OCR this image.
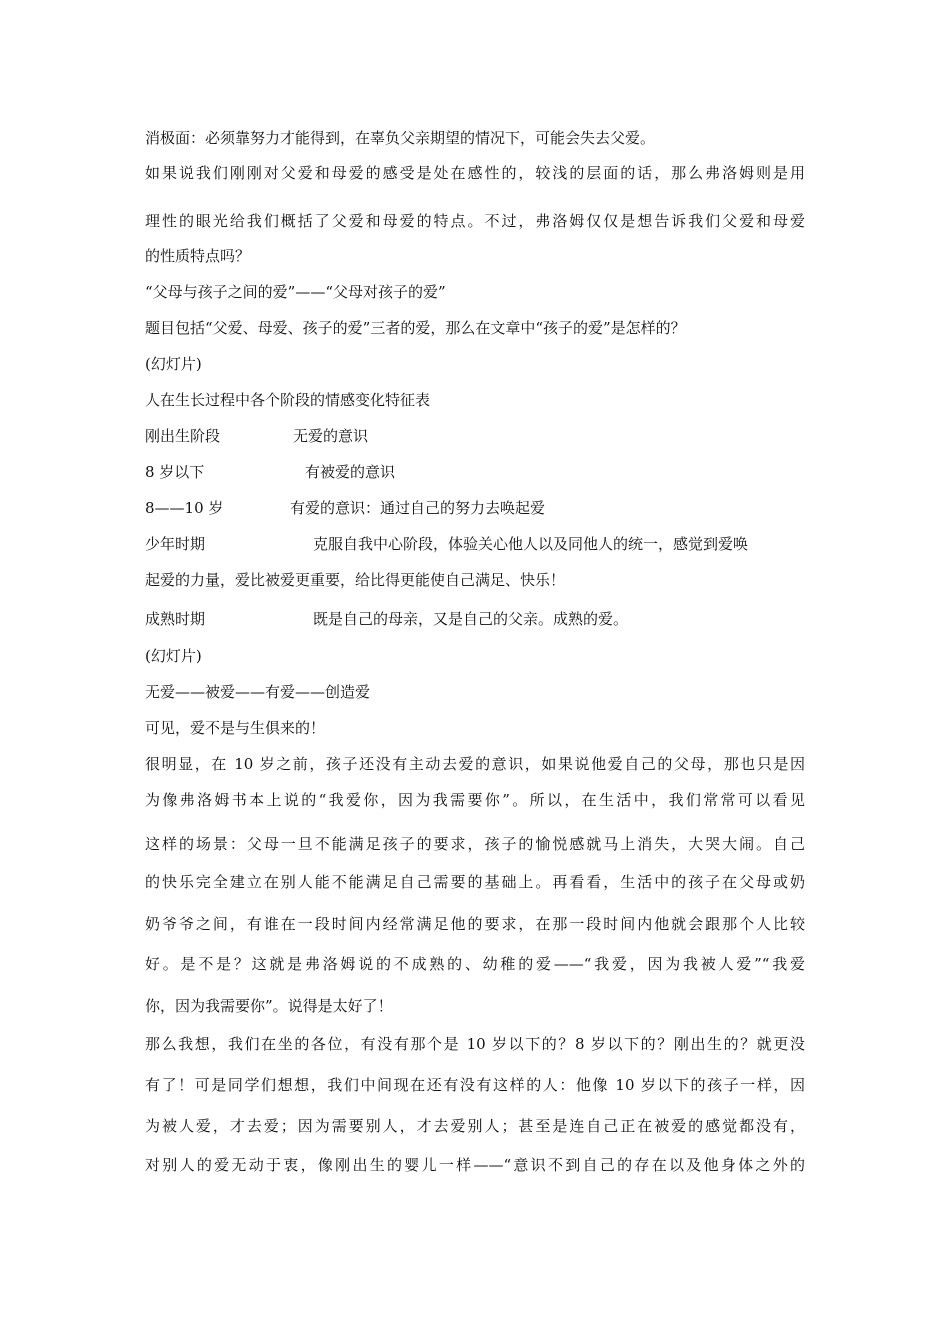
消极面：必须靠努力才能得到，在辜负父亲期望的情况下，可能会失去父爱。
如果说我们刚刚对父爱和母爱的感受是处在感性的，较浅的层面的话，那么弗洛姆则是用
理性的眼光给我们概括了父爱和母爱的特点。不过，弗洛姆仅仅是想告诉我们父爱和母爱
的性质特点吗？
“父母与孩子之间的爱”——“父母对孩子的爱”
题目包括“父爱、母爱、孩子的爱”三者的爱，那么在文章中“孩子的爱”是怎样的？
(幻灯片)
人在生长过程中各个阶段的情感变化特征表
刚出生阶段	无爱的意识
8 岁以下	有被爱的意识
8——10 岁	有爱的意识：通过自己的努力去唤起爱
少年时期	克服自我中心阶段，体验关心他人以及同他人的统一，感觉到爱唤
起爱的力量，爱比被爱更重要，给比得更能使自己满足、快乐！
成熟时期	既是自己的母亲，又是自己的父亲。成熟的爱。
(幻灯片)
无爱——被爱——有爱——创造爱
可见，爱不是与生俱来的！
很明显，在 10 岁之前，孩子还没有主动去爱的意识，如果说他爱自己的父母，那也只是因
为像弗洛姆书本上说的“我爱你，因为我需要你”。所以，在生活中，我们常常可以看见
这样的场景：父母一旦不能满足孩子的要求，孩子的愉悦感就马上消失，大哭大闹。自己
的快乐完全建立在别人能不能满足自己需要的基础上。再看看，生活中的孩子在父母或奶
奶爷爷之间，有谁在一段时间内经常满足他的要求，在那一段时间内他就会跟那个人比较
好。是不是？这就是弗洛姆说的不成熟的、幼稚的爱——“我爱，因为我被人爱”“我爱
你，因为我需要你”。说得是太好了！
那么我想，我们在坐的各位，有没有那个是 10 岁以下的？8 岁以下的？刚出生的？就更没
有了！可是同学们想想，我们中间现在还有没有这样的人：他像 10 岁以下的孩子一样，因
为被人爱，才去爱；因为需要别人，才去爱别人；甚至是连自己正在被爱的感觉都没有，
对别人的爱无动于衷，像刚出生的婴儿一样——“意识不到自己的存在以及他身体之外的
